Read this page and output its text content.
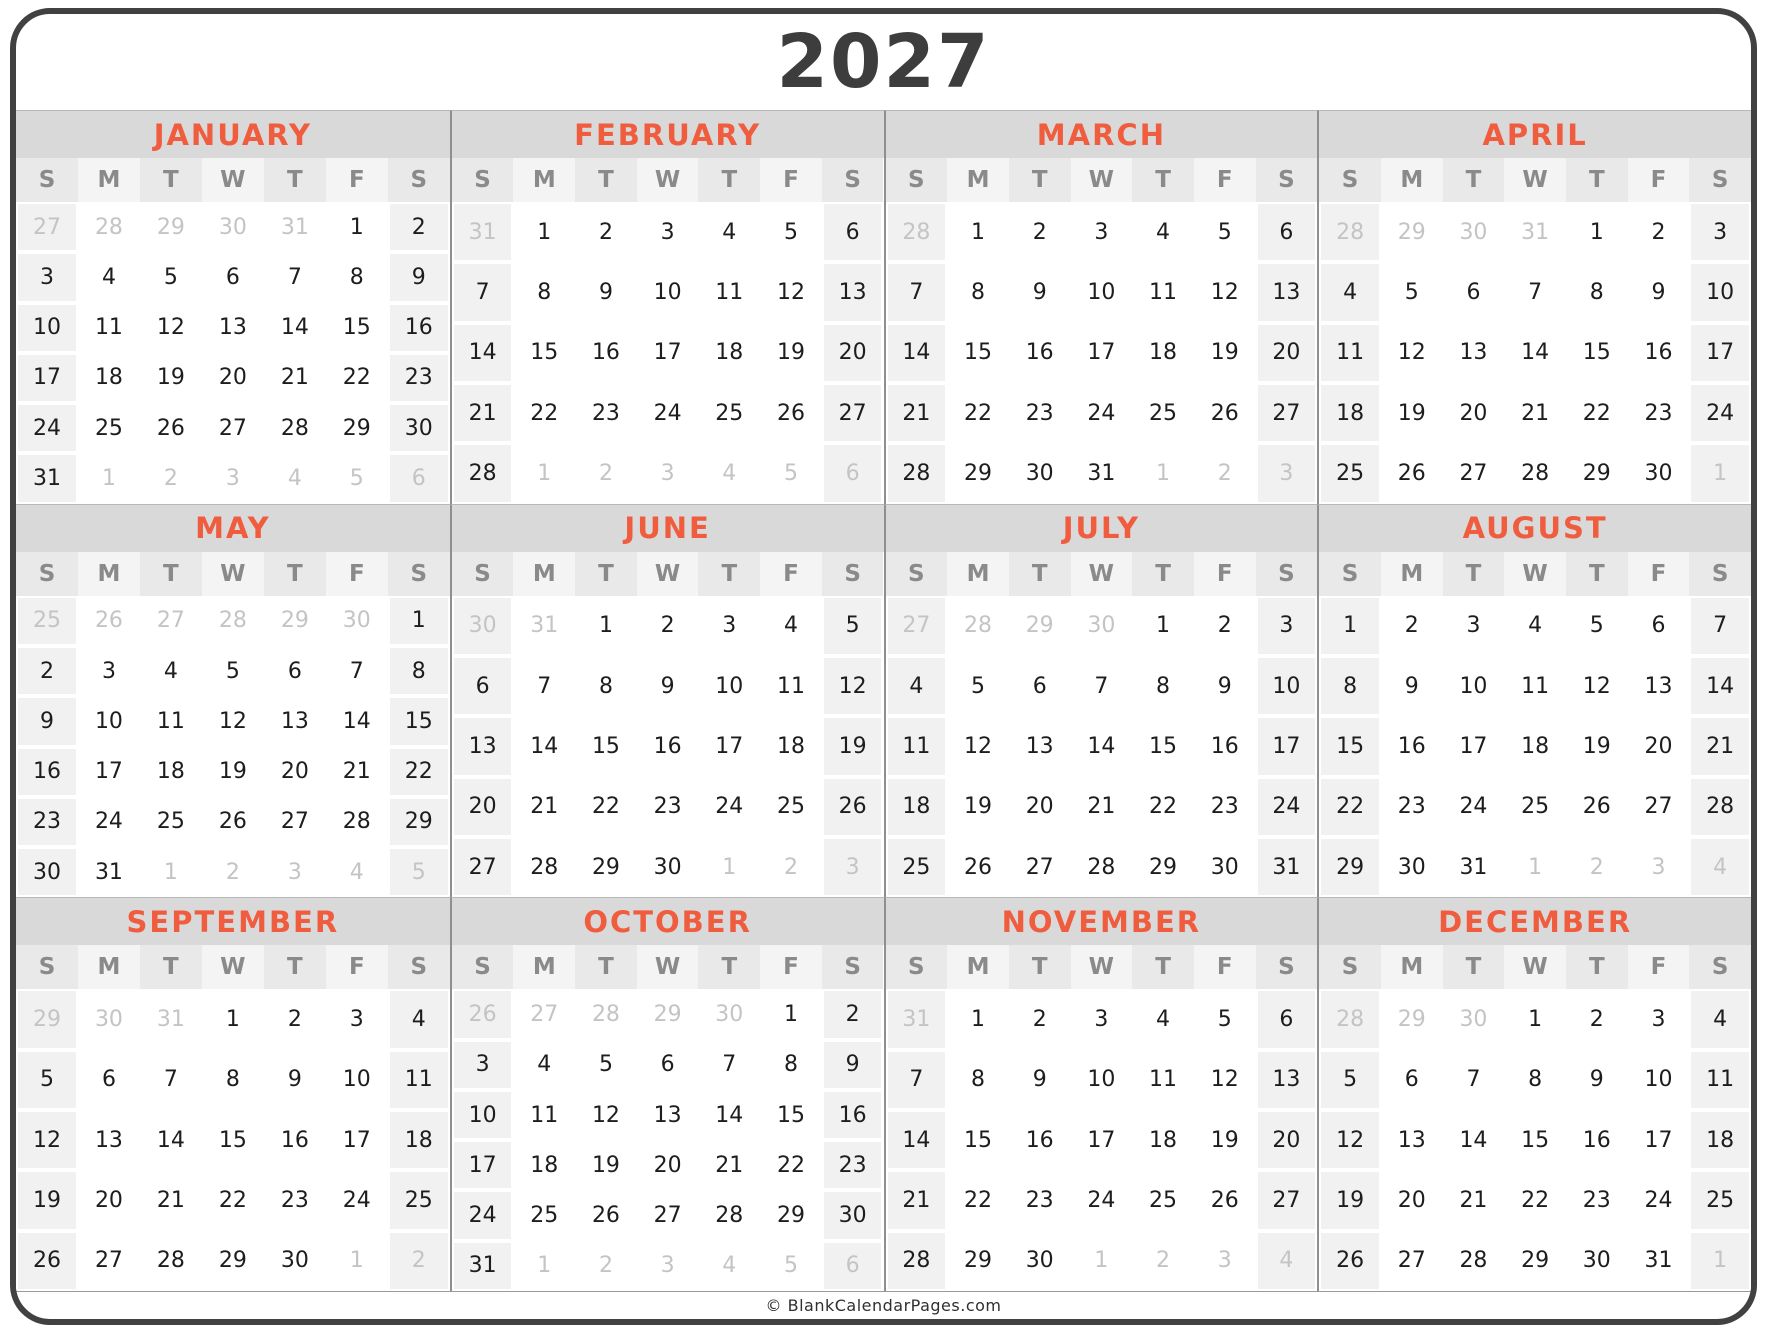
2027
JANUARY
S	M	T	W	T	F	S
27	28	29	30	31	1	2
3	4	5	6	7	8	9
10	11	12	13	14	15	16
17	18	19	20	21	22	23
24	25	26	27	28	29	30
31	1	2	3	4	5	6
FEBRUARY
S	M	T	W	T	F	S
31	1	2	3	4	5	6
7	8	9	10	11	12	13
14	15	16	17	18	19	20
21	22	23	24	25	26	27
28	1	2	3	4	5	6
MARCH
S	M	T	W	T	F	S
28	1	2	3	4	5	6
7	8	9	10	11	12	13
14	15	16	17	18	19	20
21	22	23	24	25	26	27
28	29	30	31	1	2	3
APRIL
S	M	T	W	T	F	S
28	29	30	31	1	2	3
4	5	6	7	8	9	10
11	12	13	14	15	16	17
18	19	20	21	22	23	24
25	26	27	28	29	30	1
MAY
S	M	T	W	T	F	S
25	26	27	28	29	30	1
2	3	4	5	6	7	8
9	10	11	12	13	14	15
16	17	18	19	20	21	22
23	24	25	26	27	28	29
30	31	1	2	3	4	5
JUNE
S	M	T	W	T	F	S
30	31	1	2	3	4	5
6	7	8	9	10	11	12
13	14	15	16	17	18	19
20	21	22	23	24	25	26
27	28	29	30	1	2	3
JULY
S	M	T	W	T	F	S
27	28	29	30	1	2	3
4	5	6	7	8	9	10
11	12	13	14	15	16	17
18	19	20	21	22	23	24
25	26	27	28	29	30	31
AUGUST
S	M	T	W	T	F	S
1	2	3	4	5	6	7
8	9	10	11	12	13	14
15	16	17	18	19	20	21
22	23	24	25	26	27	28
29	30	31	1	2	3	4
SEPTEMBER
S	M	T	W	T	F	S
29	30	31	1	2	3	4
5	6	7	8	9	10	11
12	13	14	15	16	17	18
19	20	21	22	23	24	25
26	27	28	29	30	1	2
OCTOBER
S	M	T	W	T	F	S
26	27	28	29	30	1	2
3	4	5	6	7	8	9
10	11	12	13	14	15	16
17	18	19	20	21	22	23
24	25	26	27	28	29	30
31	1	2	3	4	5	6
NOVEMBER
S	M	T	W	T	F	S
31	1	2	3	4	5	6
7	8	9	10	11	12	13
14	15	16	17	18	19	20
21	22	23	24	25	26	27
28	29	30	1	2	3	4
DECEMBER
S	M	T	W	T	F	S
28	29	30	1	2	3	4
5	6	7	8	9	10	11
12	13	14	15	16	17	18
19	20	21	22	23	24	25
26	27	28	29	30	31	1
© BlankCalendarPages.com
